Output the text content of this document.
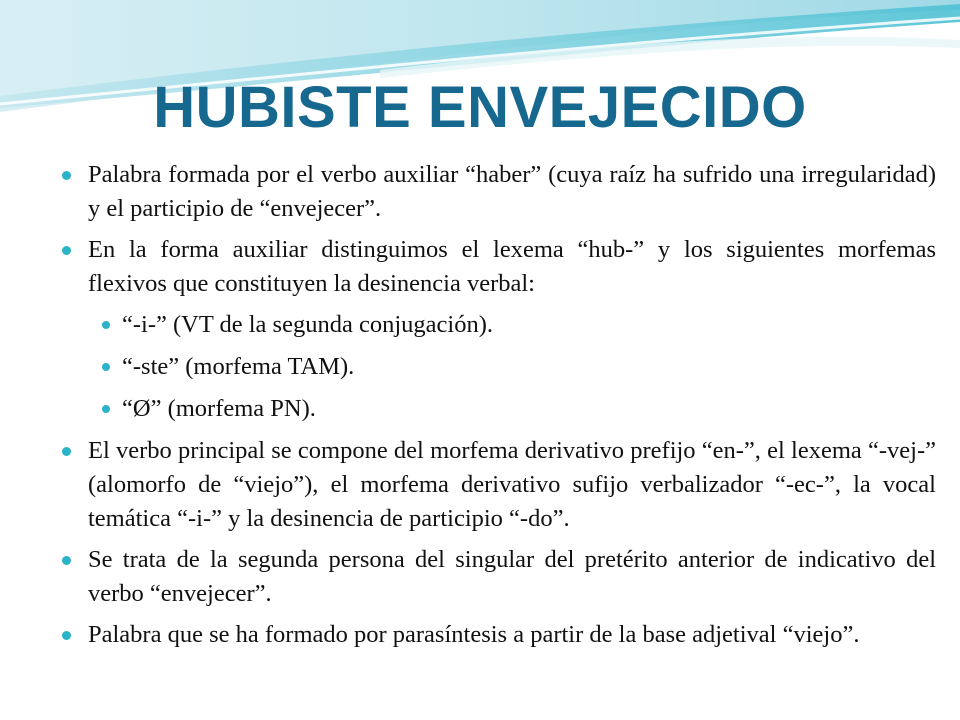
HUBISTE ENVEJECIDO
Palabra formada por el verbo auxiliar “haber” (cuya raíz ha sufrido una irregularidad) y el participio de “envejecer”.
En la forma auxiliar distinguimos el lexema “hub-” y los siguientes morfemas flexivos que constituyen la desinencia verbal:
“-i-” (VT de la segunda conjugación).
“-ste” (morfema TAM).
“Ø” (morfema PN).
El verbo principal se compone del morfema derivativo prefijo “en-”, el lexema “-vej-” (alomorfo de “viejo”), el morfema derivativo sufijo verbalizador “-ec-”, la vocal temática “-i-” y la desinencia de participio “-do”.
Se trata de la segunda persona del singular del pretérito anterior de indicativo del verbo “envejecer”.
Palabra que se ha formado por parasíntesis a partir de la base adjetival “viejo”.
